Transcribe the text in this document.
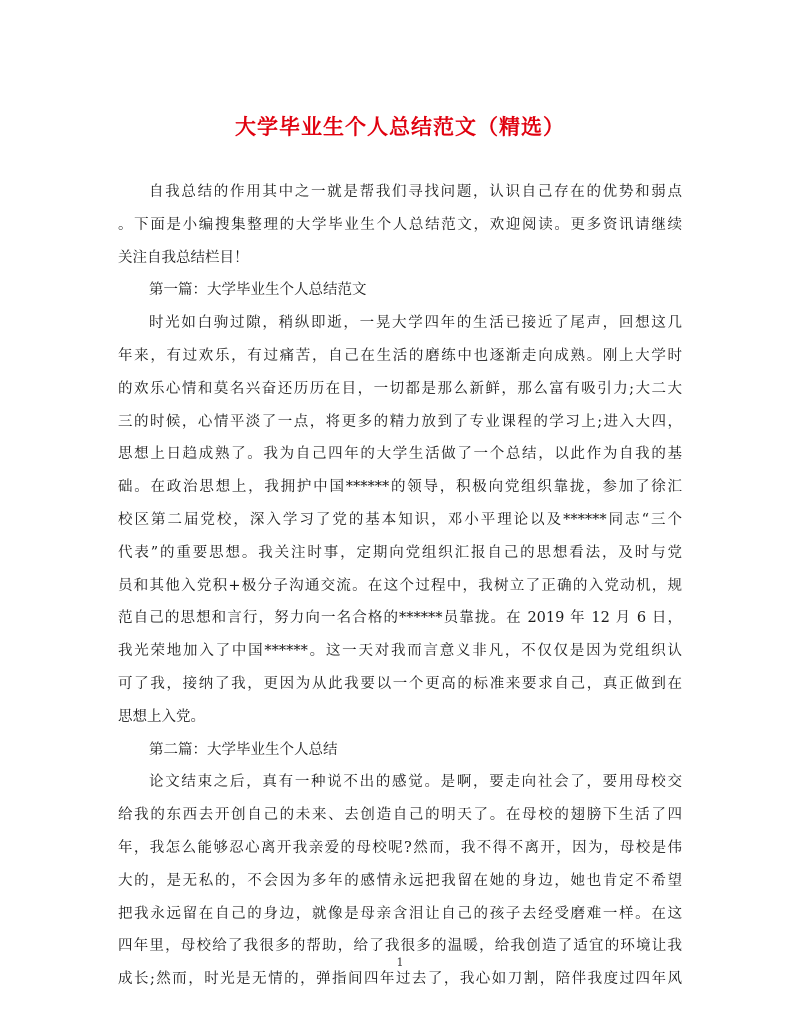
大学毕业生个人总结范文（精选）
自我总结的作用其中之一就是帮我们寻找问题，认识自己存在的优势和弱点
。下面是小编搜集整理的大学毕业生个人总结范文，欢迎阅读。更多资讯请继续
关注自我总结栏目！
第一篇：大学毕业生个人总结范文
时光如白驹过隙，稍纵即逝，一晃大学四年的生活已接近了尾声，回想这几
年来，有过欢乐，有过痛苦，自己在生活的磨练中也逐渐走向成熟。刚上大学时
的欢乐心情和莫名兴奋还历历在目，一切都是那么新鲜，那么富有吸引力;大二大
三的时候，心情平淡了一点，将更多的精力放到了专业课程的学习上;进入大四，
思想上日趋成熟了。我为自己四年的大学生活做了一个总结，以此作为自我的基
础。在政治思想上，我拥护中国******的领导，积极向党组织靠拢，参加了徐汇
校区第二届党校，深入学习了党的基本知识，邓小平理论以及******同志“三个
代表”的重要思想。我关注时事，定期向党组织汇报自己的思想看法，及时与党
员和其他入党积+极分子沟通交流。在这个过程中，我树立了正确的入党动机，规
范自己的思想和言行，努力向一名合格的******员靠拢。在 2019 年 12 月 6 日，
我光荣地加入了中国******。这一天对我而言意义非凡，不仅仅是因为党组织认
可了我，接纳了我，更因为从此我要以一个更高的标准来要求自己，真正做到在
思想上入党。
第二篇：大学毕业生个人总结
论文结束之后，真有一种说不出的感觉。是啊，要走向社会了，要用母校交
给我的东西去开创自己的未来、去创造自己的明天了。在母校的翅膀下生活了四
年，我怎么能够忍心离开我亲爱的母校呢?然而，我不得不离开，因为，母校是伟
大的，是无私的，不会因为多年的感情永远把我留在她的身边，她也肯定不希望
把我永远留在自己的身边，就像是母亲含泪让自己的孩子去经受磨难一样。在这
四年里，母校给了我很多的帮助，给了我很多的温暖，给我创造了适宜的环境让我
成长;然而，时光是无情的，弹指间四年过去了，我心如刀割，陪伴我度过四年风
1
